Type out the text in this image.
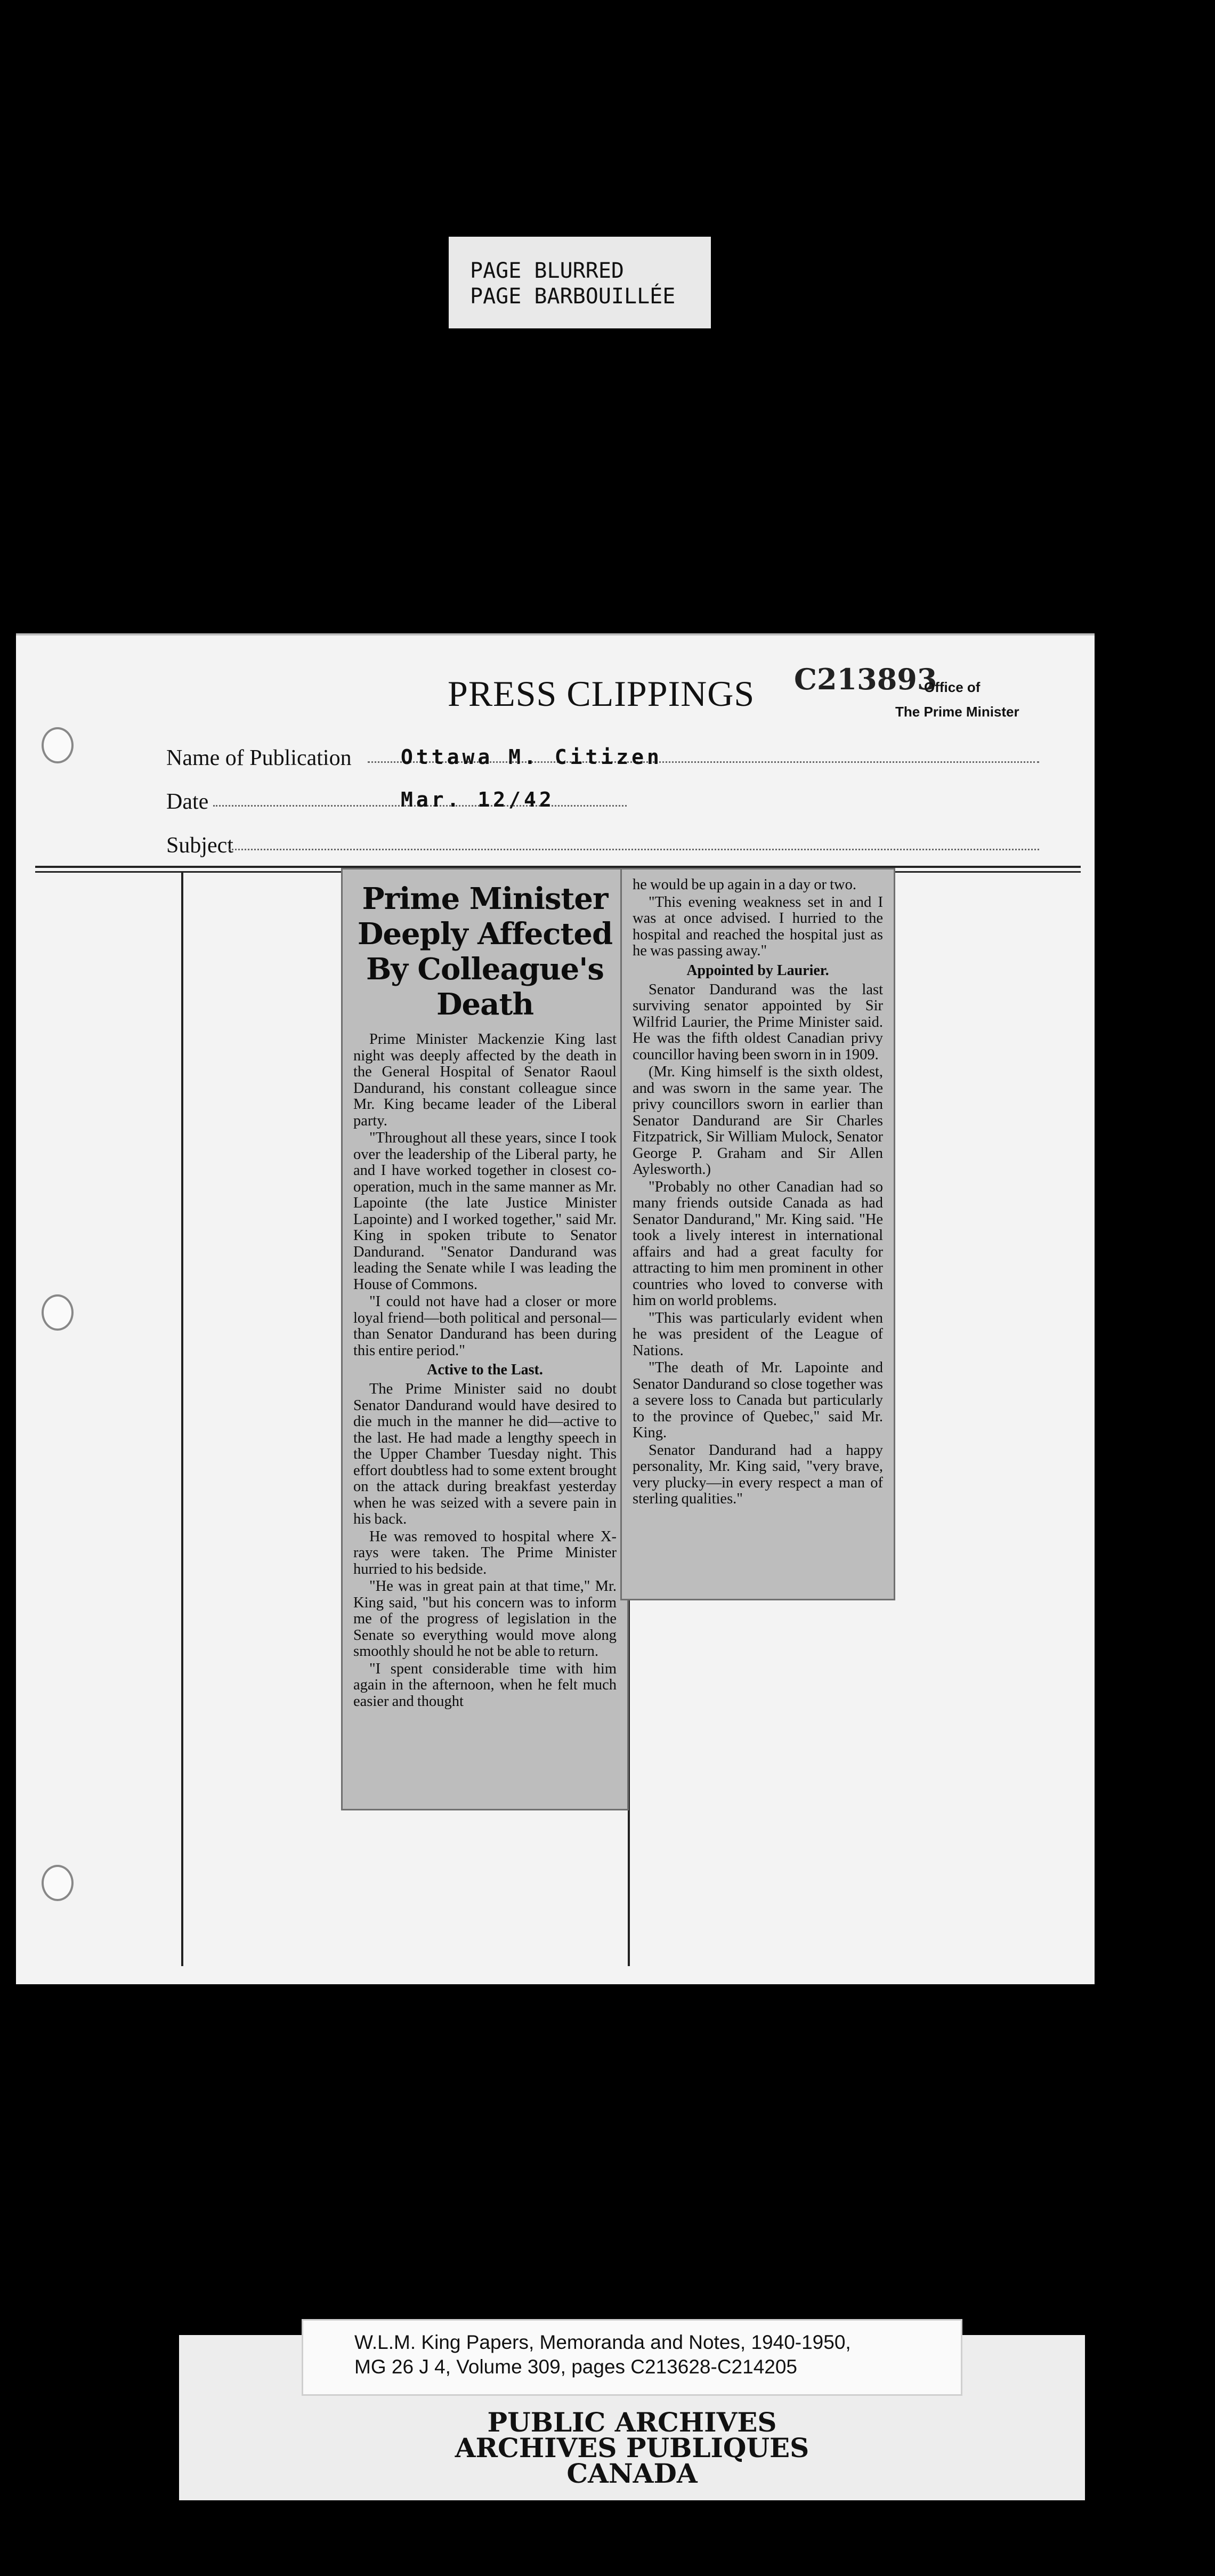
PAGE BLURRED
PAGE BARBOUILLÉE
PRESS CLIPPINGS C213893
Office of
The Prime Minister
Name of Publication Ottawa M. Citizen
Date	Mar. 12/42
Subject
Prime Minister Deeply Affected By Colleague's Death

Prime Minister Mackenzie King last night was deeply affected by the death in the General Hospital of Senator Raoul Dandurand, his constant colleague since Mr. King became leader of the Liberal party.

"Throughout all these years, since I took over the leadership of the Liberal party, he and I have worked together in closest co-operation, much in the same manner as Mr. Lapointe (the late Justice Minister Lapointe) and I worked together," said Mr. King in spoken tribute to Senator Dandurand. "Senator Dandurand was leading the Senate while I was leading the House of Commons.

"I could not have had a closer or more loyal friend—both political and personal—than Senator Dandurand has been during this entire period."

Active to the Last.

The Prime Minister said no doubt Senator Dandurand would have desired to die much in the manner he did—active to the last. He had made a lengthy speech in the Upper Chamber Tuesday night. This effort doubtless had to some extent brought on the attack during breakfast yesterday when he was seized with a severe pain in his back.

He was removed to hospital where X-rays were taken. The Prime Minister hurried to his bedside.

"He was in great pain at that time," Mr. King said, "but his concern was to inform me of the progress of legislation in the Senate so everything would move along smoothly should he not be able to return.

"I spent considerable time with him again in the afternoon, when he felt much easier and thought

he would be up again in a day or two.

"This evening weakness set in and I was at once advised. I hurried to the hospital and reached the hospital just as he was passing away."

Appointed by Laurier.

Senator Dandurand was the last surviving senator appointed by Sir Wilfrid Laurier, the Prime Minister said. He was the fifth oldest Canadian privy councillor having been sworn in in 1909.

(Mr. King himself is the sixth oldest, and was sworn in the same year. The privy councillors sworn in earlier than Senator Dandurand are Sir Charles Fitzpatrick, Sir William Mulock, Senator George P. Graham and Sir Allen Aylesworth.)

"Probably no other Canadian had so many friends outside Canada as had Senator Dandurand," Mr. King said. "He took a lively interest in international affairs and had a great faculty for attracting to him men prominent in other countries who loved to converse with him on world problems.

"This was particularly evident when he was president of the League of Nations.

"The death of Mr. Lapointe and Senator Dandurand so close together was a severe loss to Canada but particularly to the province of Quebec," said Mr. King.

Senator Dandurand had a happy personality, Mr. King said, "very brave, very plucky—in every respect a man of sterling qualities."

W.L.M. King Papers, Memoranda and Notes, 1940-1950,
MG 26 J 4, Volume 309, pages C213628-C214205
PUBLIC ARCHIVES
ARCHIVES PUBLIQUES
CANADA
